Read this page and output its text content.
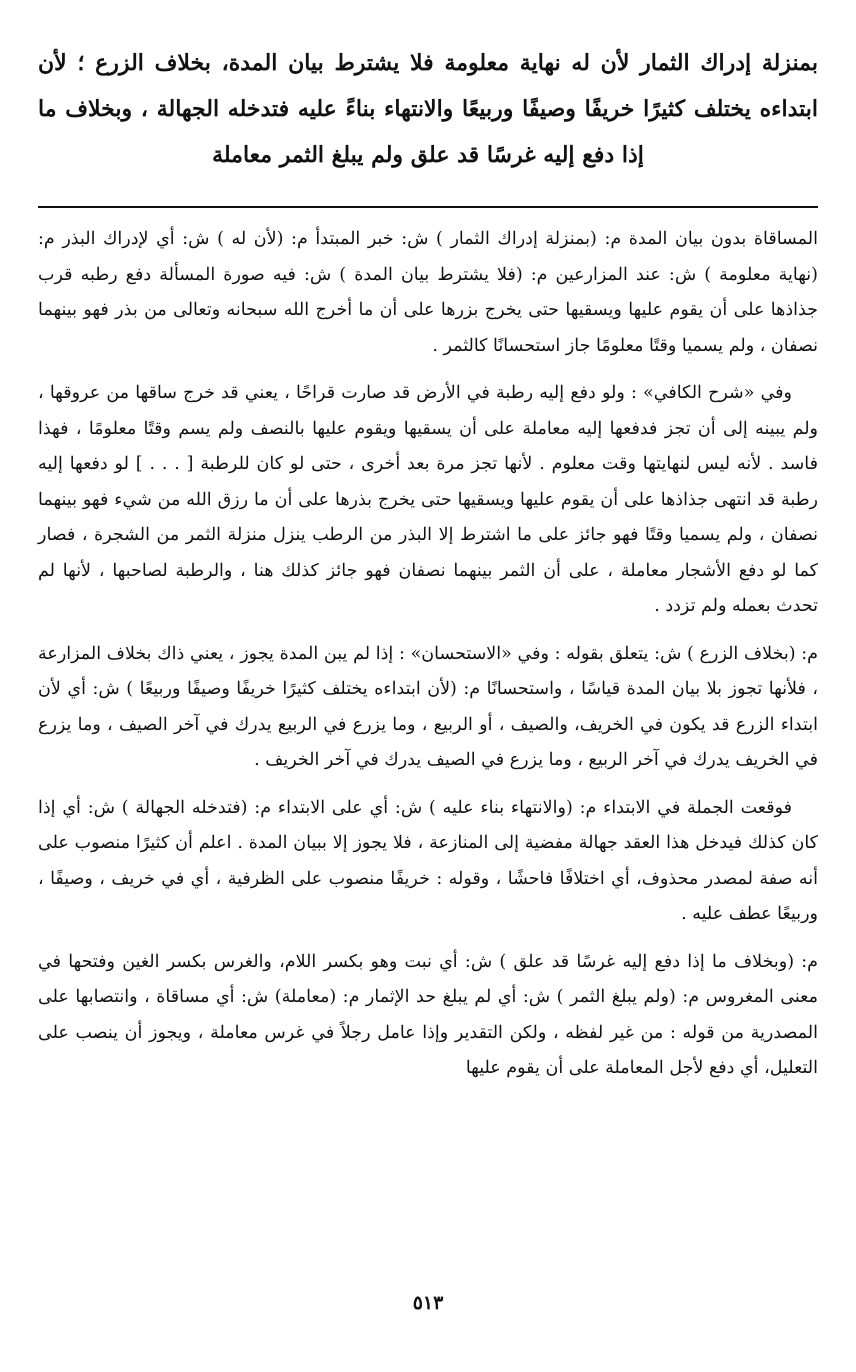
بمنزلة إدراك الثمار لأن له نهاية معلومة فلا يشترط بيان المدة، بخلاف الزرع ؛ لأن ابتداءه يختلف كثيرًا خريفًا وصيفًا وربيعًا والانتهاء بناءً عليه فتدخله الجهالة ، وبخلاف ما إذا دفع إليه غرسًا قد علق ولم يبلغ الثمر معاملة

المساقاة بدون بيان المدة م: (بمنزلة إدراك الثمار ) ش: خبر المبتدأ م: (لأن له ) ش: أي لإدراك البذر م: (نهاية معلومة ) ش: عند المزارعين م: (فلا يشترط بيان المدة ) ش: فيه صورة المسألة دفع رطبه قرب جذاذها على أن يقوم عليها ويسقيها حتى يخرج بزرها على أن ما أخرج الله سبحانه وتعالى من بذر فهو بينهما نصفان ، ولم يسميا وقتًا معلومًا جاز استحسانًا كالثمر .

وفي «شرح الكافي» : ولو دفع إليه رطبة في الأرض قد صارت قراحًا ، يعني قد خرج ساقها من عروقها ، ولم يبينه إلى أن تجز فدفعها إليه معاملة على أن يسقيها ويقوم عليها بالنصف ولم يسم وقتًا معلومًا ، فهذا فاسد . لأنه ليس لنهايتها وقت معلوم . لأنها تجز مرة بعد أخرى ، حتى لو كان للرطبة [ . . . ] لو دفعها إليه رطبة قد انتهى جذاذها على أن يقوم عليها ويسقيها حتى يخرج بذرها على أن ما رزق الله من شيء فهو بينهما نصفان ، ولم يسميا وقتًا فهو جائز على ما اشترط إلا البذر من الرطب ينزل منزلة الثمر من الشجرة ، فصار كما لو دفع الأشجار معاملة ، على أن الثمر بينهما نصفان فهو جائز كذلك هنا ، والرطبة لصاحبها ، لأنها لم تحدث بعمله ولم تزدد .

م: (بخلاف الزرع ) ش: يتعلق بقوله : وفي «الاستحسان» : إذا لم يبن المدة يجوز ، يعني ذاك بخلاف المزارعة ، فلأنها تجوز بلا بيان المدة قياسًا ، واستحسانًا م: (لأن ابتداءه يختلف كثيرًا خريفًا وصيفًا وربيعًا ) ش: أي لأن ابتداء الزرع قد يكون في الخريف، والصيف ، أو الربيع ، وما يزرع في الربيع يدرك في آخر الصيف ، وما يزرع في الخريف يدرك في آخر الربيع ، وما يزرع في الصيف يدرك في آخر الخريف .

فوقعت الجملة في الابتداء م: (والانتهاء بناء عليه ) ش: أي على الابتداء م: (فتدخله الجهالة ) ش: أي إذا كان كذلك فيدخل هذا العقد جهالة مفضية إلى المنازعة ، فلا يجوز إلا ببيان المدة . اعلم أن كثيرًا منصوب على أنه صفة لمصدر محذوف، أي اختلافًا فاحشًا ، وقوله : خريفًا منصوب على الظرفية ، أي في خريف ، وصيفًا ، وربيعًا عطف عليه .

م: (وبخلاف ما إذا دفع إليه غرسًا قد علق ) ش: أي نبت وهو بكسر اللام، والغرس بكسر الغين وفتحها في معنى المغروس م: (ولم يبلغ الثمر ) ش: أي لم يبلغ حد الإثمار م: (معاملة) ش: أي مساقاة ، وانتصابها على المصدرية من قوله : من غير لفظه ، ولكن التقدير وإذا عامل رجلاً في غرس معاملة ، ويجوز أن ينصب على التعليل، أي دفع لأجل المعاملة على أن يقوم عليها

٥١٣
